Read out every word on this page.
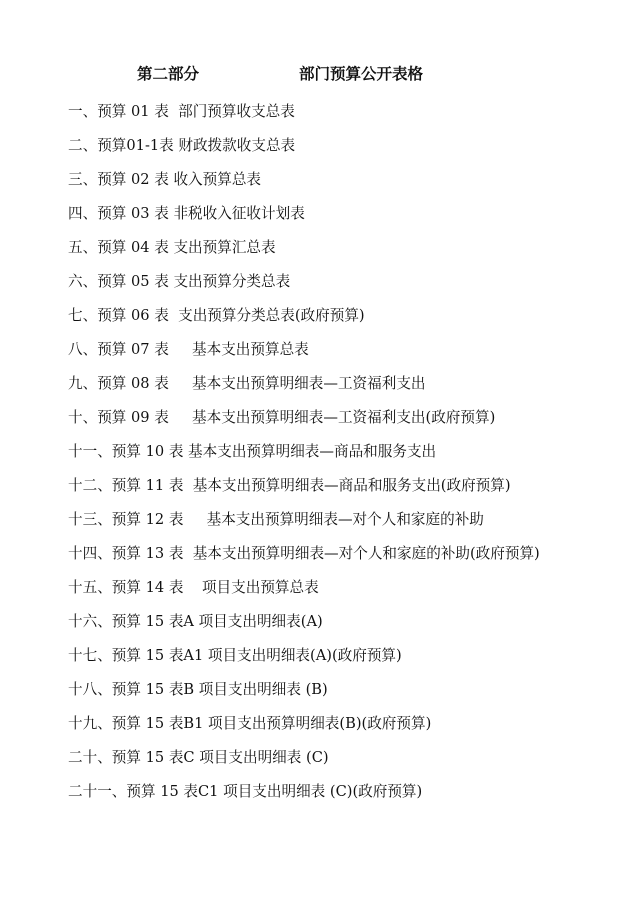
第二部分	部门预算公开表格
一、预算 01 表  部门预算收支总表
二、预算01-1表 财政拨款收支总表
三、预算 02 表 收入预算总表
四、预算 03 表 非税收入征收计划表
五、预算 04 表 支出预算汇总表
六、预算 05 表 支出预算分类总表
七、预算 06 表  支出预算分类总表(政府预算)
八、预算 07 表     基本支出预算总表
九、预算 08 表     基本支出预算明细表—工资福利支出
十、预算 09 表     基本支出预算明细表—工资福利支出(政府预算)
十一、预算 10 表 基本支出预算明细表—商品和服务支出
十二、预算 11 表  基本支出预算明细表—商品和服务支出(政府预算)
十三、预算 12 表     基本支出预算明细表—对个人和家庭的补助
十四、预算 13 表  基本支出预算明细表—对个人和家庭的补助(政府预算)
十五、预算 14 表    项目支出预算总表
十六、预算 15 表A 项目支出明细表(A)
十七、预算 15 表A1 项目支出明细表(A)(政府预算)
十八、预算 15 表B 项目支出明细表 (B)
十九、预算 15 表B1 项目支出预算明细表(B)(政府预算)
二十、预算 15 表C 项目支出明细表 (C)
二十一、预算 15 表C1 项目支出明细表 (C)(政府预算)
